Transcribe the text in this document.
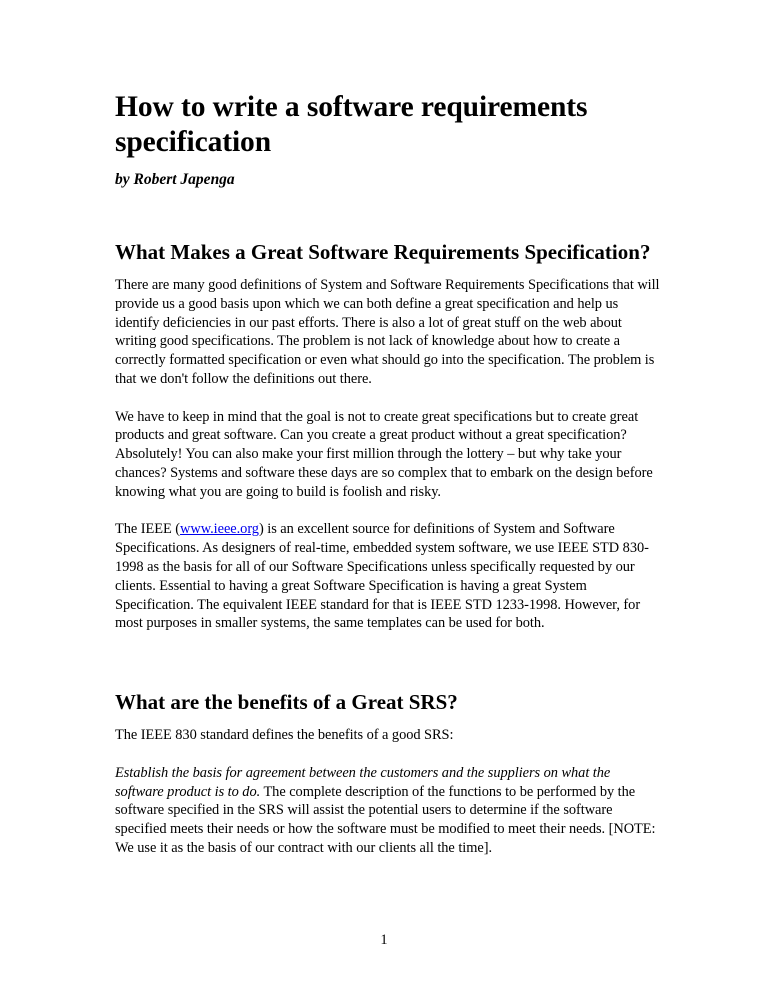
How to write a software requirements specification
by Robert Japenga
What Makes a Great Software Requirements Specification?

There are many good definitions of System and Software Requirements Specifications that will provide us a good basis upon which we can both define a great specification and help us identify deficiencies in our past efforts. There is also a lot of great stuff on the web about writing good specifications. The problem is not lack of knowledge about how to create a correctly formatted specification or even what should go into the specification. The problem is that we don't follow the definitions out there.

We have to keep in mind that the goal is not to create great specifications but to create great products and great software. Can you create a great product without a great specification? Absolutely! You can also make your first million through the lottery – but why take your chances? Systems and software these days are so complex that to embark on the design before knowing what you are going to build is foolish and risky.

The IEEE (www.ieee.org) is an excellent source for definitions of System and Software Specifications. As designers of real-time, embedded system software, we use IEEE STD 830-1998 as the basis for all of our Software Specifications unless specifically requested by our clients. Essential to having a great Software Specification is having a great System Specification. The equivalent IEEE standard for that is IEEE STD 1233-1998. However, for most purposes in smaller systems, the same templates can be used for both.

What are the benefits of a Great SRS?

The IEEE 830 standard defines the benefits of a good SRS:

Establish the basis for agreement between the customers and the suppliers on what the software product is to do. The complete description of the functions to be performed by the software specified in the SRS will assist the potential users to determine if the software specified meets their needs or how the software must be modified to meet their needs. [NOTE: We use it as the basis of our contract with our clients all the time].

1
